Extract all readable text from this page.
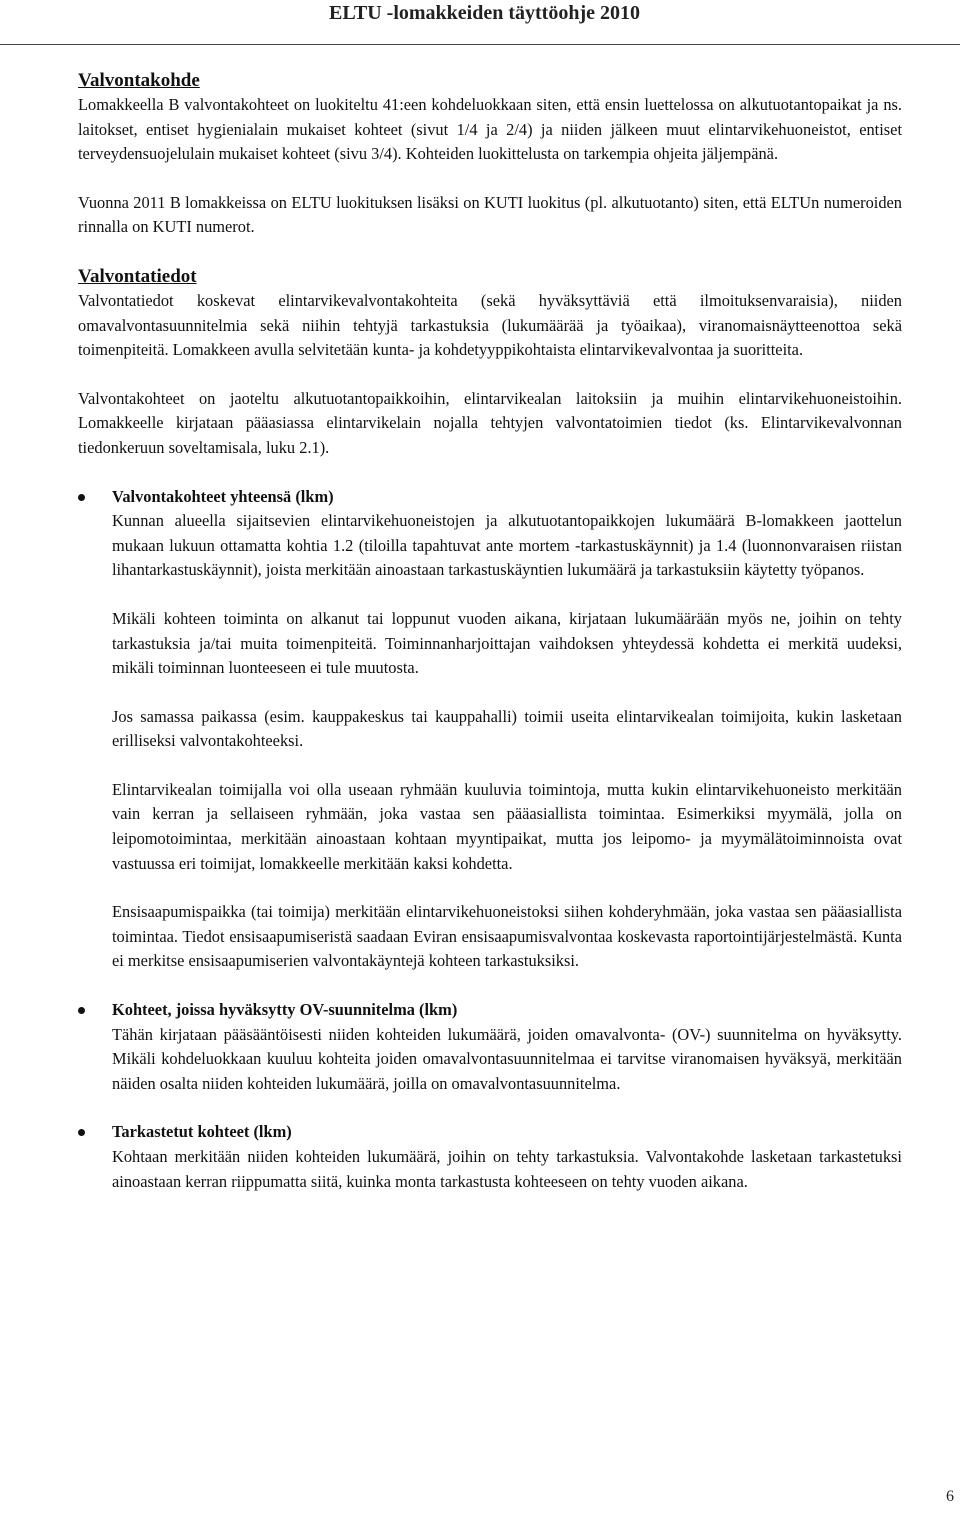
ELTU -lomakkeiden täyttöohje 2010
Valvontakohde

Lomakkeella B valvontakohteet on luokiteltu 41:een kohdeluokkaan siten, että ensin luettelossa on alkutuotantopaikat ja ns. laitokset, entiset hygienialain mukaiset kohteet (sivut 1/4 ja 2/4) ja niiden jälkeen muut elintarvikehuoneistot, entiset terveydensuojelulain mukaiset kohteet (sivu 3/4). Kohteiden luokittelusta on tarkempia ohjeita jäljempänä.

Vuonna 2011 B lomakkeissa on ELTU luokituksen lisäksi on KUTI luokitus (pl. alkutuotanto) siten, että ELTUn numeroiden rinnalla on KUTI numerot.

Valvontatiedot

Valvontatiedot koskevat elintarvikevalvontakohteita (sekä hyväksyttäviä että ilmoituksenvaraisia), niiden omavalvontasuunnitelmia sekä niihin tehtyjä tarkastuksia (lukumäärää ja työaikaa), viranomaisnäytteenottoa sekä toimenpiteitä. Lomakkeen avulla selvitetään kunta- ja kohdetyyppikohtaista elintarvikevalvontaa ja suoritteita.

Valvontakohteet on jaoteltu alkutuotantopaikkoihin, elintarvikealan laitoksiin ja muihin elintarvikehuoneistoihin. Lomakkeelle kirjataan pääasiassa elintarvikelain nojalla tehtyjen valvontatoimien tiedot (ks. Elintarvikevalvonnan tiedonkeruun soveltamisala, luku 2.1).

Valvontakohteet yhteensä (lkm)

Kunnan alueella sijaitsevien elintarvikehuoneistojen ja alkutuotantopaikkojen lukumäärä B-lomakkeen jaottelun mukaan lukuun ottamatta kohtia 1.2 (tiloilla tapahtuvat ante mortem -tarkastuskäynnit) ja 1.4 (luonnonvaraisen riistan lihantarkastuskäynnit), joista merkitään ainoastaan tarkastuskäyntien lukumäärä ja tarkastuksiin käytetty työpanos.

Mikäli kohteen toiminta on alkanut tai loppunut vuoden aikana, kirjataan lukumäärään myös ne, joihin on tehty tarkastuksia ja/tai muita toimenpiteitä. Toiminnanharjoittajan vaihdoksen yhteydessä kohdetta ei merkitä uudeksi, mikäli toiminnan luonteeseen ei tule muutosta.

Jos samassa paikassa (esim. kauppakeskus tai kauppahalli) toimii useita elintarvikealan toimijoita, kukin lasketaan erilliseksi valvontakohteeksi.

Elintarvikealan toimijalla voi olla useaan ryhmään kuuluvia toimintoja, mutta kukin elintarvikehuoneisto merkitään vain kerran ja sellaiseen ryhmään, joka vastaa sen pääasiallista toimintaa. Esimerkiksi myymälä, jolla on leipomotoimintaa, merkitään ainoastaan kohtaan myyntipaikat, mutta jos leipomo- ja myymälätoiminnoista ovat vastuussa eri toimijat, lomakkeelle merkitään kaksi kohdetta.

Ensisaapumispaikka (tai toimija) merkitään elintarvikehuoneistoksi siihen kohderyhmään, joka vastaa sen pääasiallista toimintaa. Tiedot ensisaapumiseristä saadaan Eviran ensisaapumisvalvontaa koskevasta raportointijärjestelmästä. Kunta ei merkitse ensisaapumiserien valvontakäyntejä kohteen tarkastuksiksi.

Kohteet, joissa hyväksytty OV-suunnitelma (lkm)

Tähän kirjataan pääsääntöisesti niiden kohteiden lukumäärä, joiden omavalvonta- (OV-) suunnitelma on hyväksytty. Mikäli kohdeluokkaan kuuluu kohteita joiden omavalvontasuunnitelmaa ei tarvitse viranomaisen hyväksyä, merkitään näiden osalta niiden kohteiden lukumäärä, joilla on omavalvontasuunnitelma.

Tarkastetut kohteet (lkm)

Kohtaan merkitään niiden kohteiden lukumäärä, joihin on tehty tarkastuksia. Valvontakohde lasketaan tarkastetuksi ainoastaan kerran riippumatta siitä, kuinka monta tarkastusta kohteeseen on tehty vuoden aikana.

6
